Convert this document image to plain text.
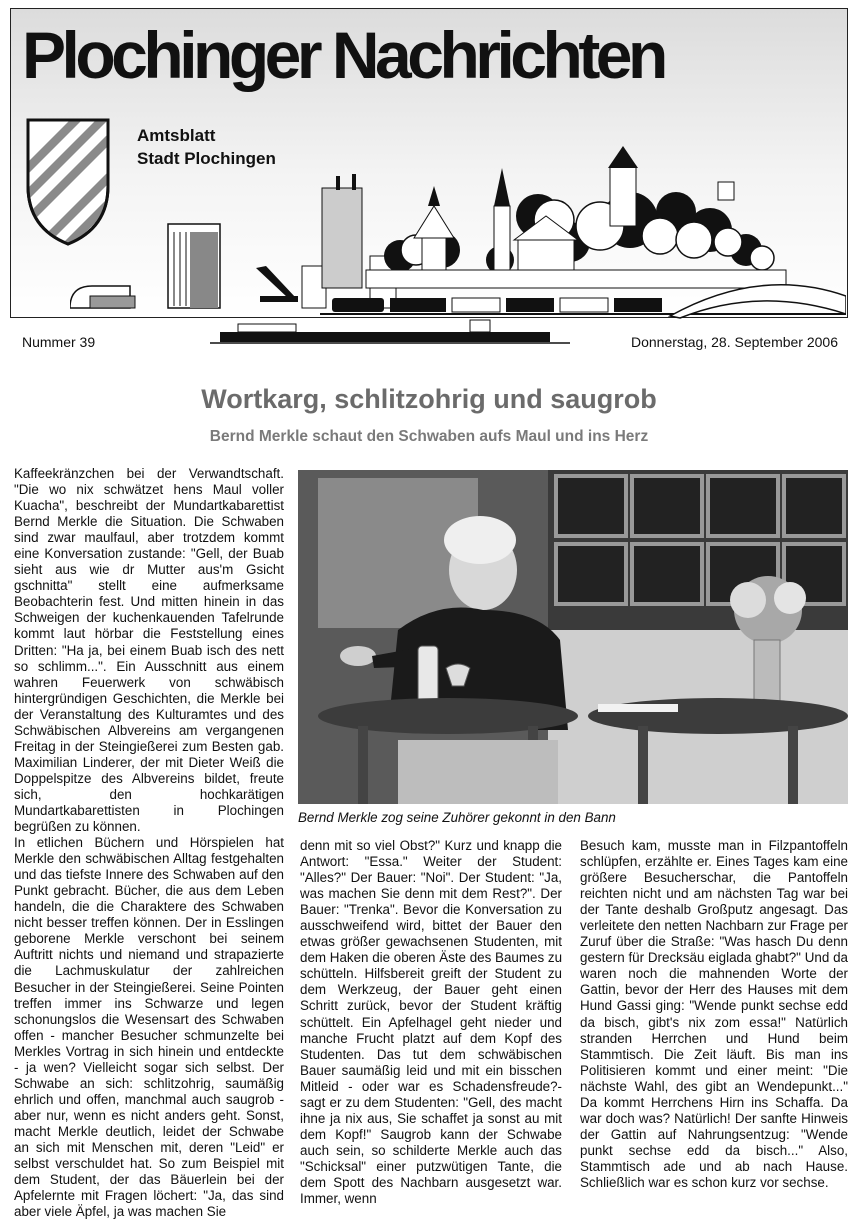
Plochinger Nachrichten
Amtsblatt
Stadt Plochingen
Nummer 39	Donnerstag, 28. September 2006
Wortkarg, schlitzohrig und saugrob
Bernd Merkle schaut den Schwaben aufs Maul und ins Herz

Kaffeekränzchen bei der Verwandtschaft. "Die wo nix schwätzet hens Maul voller Kuacha", beschreibt der Mundartkabarettist Bernd Merkle die Situation. Die Schwaben sind zwar maulfaul, aber trotzdem kommt eine Konversation zustande: "Gell, der Buab sieht aus wie dr Mutter aus'm Gsicht gschnitta" stellt eine aufmerksame Beobachterin fest. Und mitten hinein in das Schweigen der kuchenkauenden Tafelrunde kommt laut hörbar die Feststellung eines Dritten: "Ha ja, bei einem Buab isch des nett so schlimm...". Ein Ausschnitt aus einem wahren Feuerwerk von schwäbisch hintergründigen Geschichten, die Merkle bei der Veranstaltung des Kulturamtes und des Schwäbischen Albvereins am vergangenen Freitag in der Steingießerei zum Besten gab. Maximilian Linderer, der mit Dieter Weiß die Doppelspitze des Albvereins bildet, freute sich, den hochkarätigen Mundartkabarettisten in Plochingen begrüßen zu können.

In etlichen Büchern und Hörspielen hat Merkle den schwäbischen Alltag festgehalten und das tiefste Innere des Schwaben auf den Punkt gebracht. Bücher, die aus dem Leben handeln, die die Charaktere des Schwaben nicht besser treffen können. Der in Esslingen geborene Merkle verschont bei seinem Auftritt nichts und niemand und strapazierte die Lachmuskulatur der zahlreichen Besucher in der Steingießerei. Seine Pointen treffen immer ins Schwarze und legen schonungslos die Wesensart des Schwaben offen - mancher Besucher schmunzelte bei Merkles Vortrag in sich hinein und entdeckte - ja wen? Vielleicht sogar sich selbst. Der Schwabe an sich: schlitzohrig, saumäßig ehrlich und offen, manchmal auch saugrob - aber nur, wenn es nicht anders geht. Sonst, macht Merkle deutlich, leidet der Schwabe an sich mit Menschen mit, deren "Leid" er selbst verschuldet hat. So zum Beispiel mit dem Student, der das Bäuerlein bei der Apfelernte mit Fragen löchert: "Ja, das sind aber viele Äpfel, ja was machen Sie

Bernd Merkle zog seine Zuhörer gekonnt in den Bann

denn mit so viel Obst?" Kurz und knapp die Antwort: "Essa." Weiter der Student: "Alles?" Der Bauer: "Noi". Der Student: "Ja, was machen Sie denn mit dem Rest?". Der Bauer: "Trenka". Bevor die Konversation zu ausschweifend wird, bittet der Bauer den etwas größer gewachsenen Studenten, mit dem Haken die oberen Äste des Baumes zu schütteln. Hilfsbereit greift der Student zu dem Werkzeug, der Bauer geht einen Schritt zurück, bevor der Student kräftig schüttelt. Ein Apfelhagel geht nieder und manche Frucht platzt auf dem Kopf des Studenten. Das tut dem schwäbischen Bauer saumäßig leid und mit ein bisschen Mitleid - oder war es Schadensfreude?- sagt er zu dem Studenten: "Gell, des macht ihne ja nix aus, Sie schaffet ja sonst au mit dem Kopf!" Saugrob kann der Schwabe auch sein, so schilderte Merkle auch das "Schicksal" einer putzwütigen Tante, die dem Spott des Nachbarn ausgesetzt war. Immer, wenn

Besuch kam, musste man in Filzpantoffeln schlüpfen, erzählte er. Eines Tages kam eine größere Besucherschar, die Pantoffeln reichten nicht und am nächsten Tag war bei der Tante deshalb Großputz angesagt. Das verleitete den netten Nachbarn zur Frage per Zuruf über die Straße: "Was hasch Du denn gestern für Drecksäu eigladа ghabt?" Und da waren noch die mahnenden Worte der Gattin, bevor der Herr des Hauses mit dem Hund Gassi ging: "Wende punkt sechse edd da bisch, gibt's nix zom essa!" Natürlich stranden Herrchen und Hund beim Stammtisch. Die Zeit läuft. Bis man ins Politisieren kommt und einer meint: "Die nächste Wahl, des gibt an Wendepunkt..." Da kommt Herrchens Hirn ins Schaffa. Da war doch was? Natürlich! Der sanfte Hinweis der Gattin auf Nahrungsentzug: "Wende punkt sechse edd da bisch..." Also, Stammtisch ade und ab nach Hause. Schließlich war es schon kurz vor sechse.
